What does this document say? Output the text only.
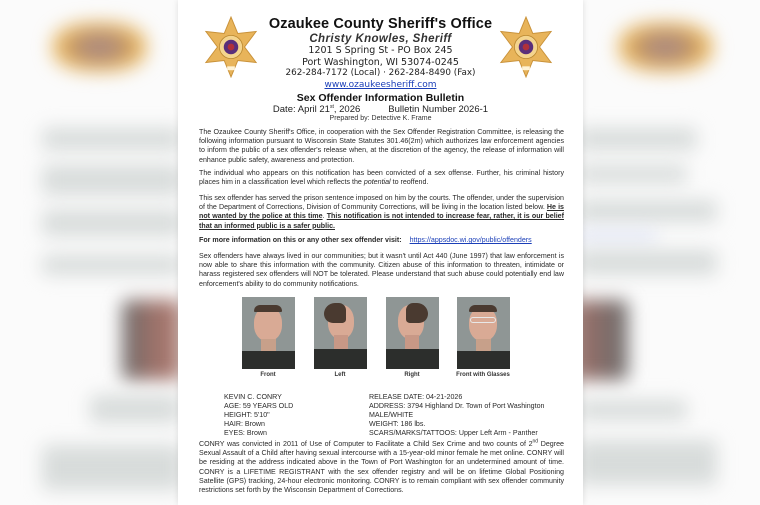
Ozaukee County Sheriff's Office
Christy Knowles, Sheriff
1201 S Spring St - PO Box 245
Port Washington, WI 53074-0245
262-284-7172 (Local) · 262-284-8490 (Fax)
www.ozaukeesheriff.com
Sex Offender Information Bulletin
Date: April 21st, 2026	Bulletin Number 2026-1
Prepared by: Detective K. Frame

The Ozaukee County Sheriff's Office, in cooperation with the Sex Offender Registration Committee, is releasing the following information pursuant to Wisconsin State Statutes 301.46(2m) which authorizes law enforcement agencies to inform the public of a sex offender's release when, at the discretion of the agency, the release of information will enhance public safety, awareness and protection.

The individual who appears on this notification has been convicted of a sex offense. Further, his criminal history places him in a classification level which reflects the potential to reoffend.

This sex offender has served the prison sentence imposed on him by the courts. The offender, under the supervision of the Department of Corrections, Division of Community Corrections, will be living in the location listed below. He is not wanted by the police at this time. This notification is not intended to increase fear, rather, it is our belief that an informed public is a safer public.

For more information on this or any other sex offender visit: https://appsdoc.wi.gov/public/offenders

Sex offenders have always lived in our communities; but it wasn't until Act 440 (June 1997) that law enforcement is now able to share this information with the community. Citizen abuse of this information to threaten, intimidate or harass registered sex offenders will NOT be tolerated. Please understand that such abuse could potentially end law enforcement's ability to do community notifications.

Front	Left	Right	Front with Glasses
KEVIN C. CONRY
AGE: 59 YEARS OLD
HEIGHT: 5'10"
HAIR: Brown
EYES: Brown
RELEASE DATE: 04-21-2026
ADDRESS: 3794 Highland Dr. Town of Port Washington
MALE/WHITE
WEIGHT: 186 lbs.
SCARS/MARKS/TATTOOS: Upper Left Arm - Panther

CONRY was convicted in 2011 of Use of Computer to Facilitate a Child Sex Crime and two counts of 2nd Degree Sexual Assault of a Child after having sexual intercourse with a 15-year-old minor female he met online. CONRY will be residing at the address indicated above in the Town of Port Washington for an undetermined amount of time. CONRY is a LIFETIME REGISTRANT with the sex offender registry and will be on lifetime Global Positioning Satellite (GPS) tracking, 24-hour electronic monitoring. CONRY is to remain compliant with sex offender community restrictions set forth by the Wisconsin Department of Corrections.
